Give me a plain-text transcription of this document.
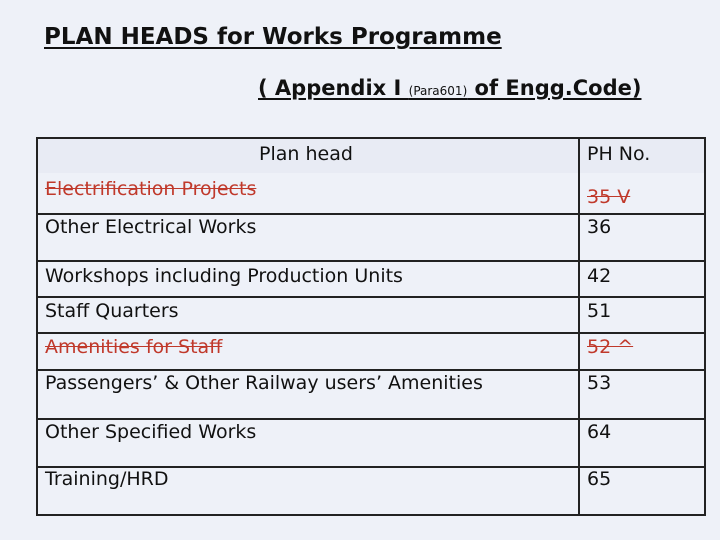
PLAN HEADS for Works Programme
( Appendix I (Para601) of Engg.Code)
Plan head	PH No.
Electrification Projects	35 V
Other Electrical Works	36
Workshops including Production Units	42
Staff Quarters	51
Amenities for Staff	52 ^
Passengers’ & Other Railway users’ Amenities	53
Other Specified Works	64
Training/HRD	65
